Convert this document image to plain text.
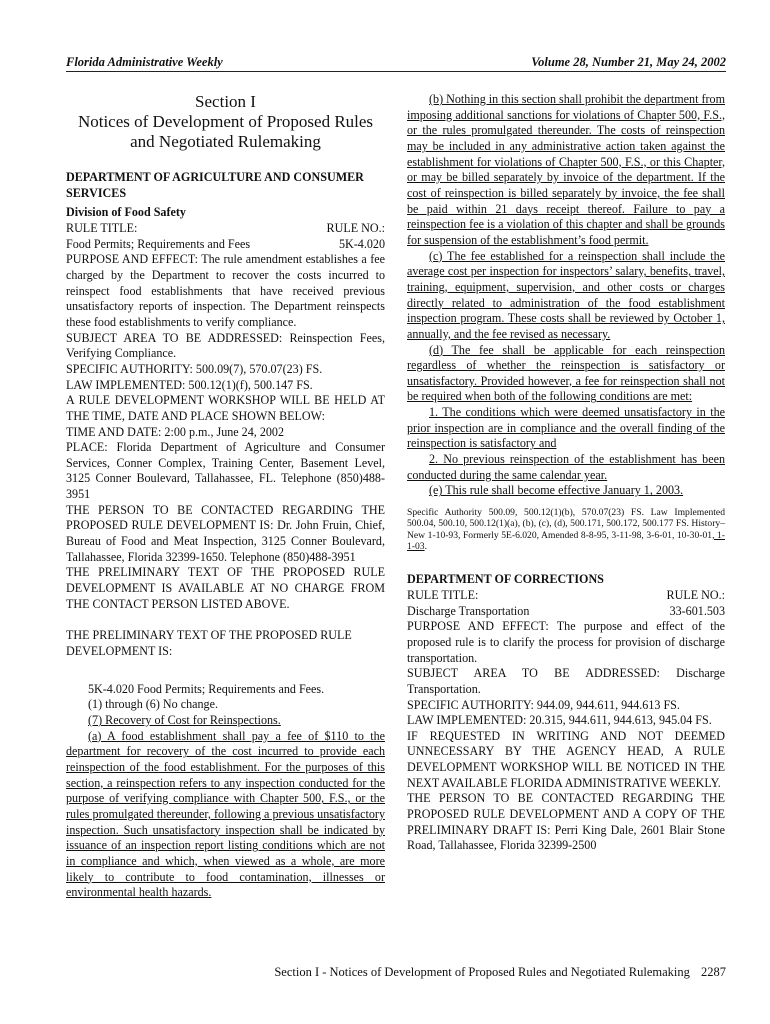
Florida Administrative Weekly	Volume 28, Number 21, May 24, 2002
Section I
Notices of Development of Proposed Rules
and Negotiated Rulemaking

DEPARTMENT OF AGRICULTURE AND CONSUMER SERVICES

Division of Food Safety

RULE TITLE:	RULE NO.:
Food Permits; Requirements and Fees	5K-4.020

PURPOSE AND EFFECT: The rule amendment establishes a fee charged by the Department to recover the costs incurred to reinspect food establishments that have received previous unsatisfactory reports of inspection. The Department reinspects these food establishments to verify compliance.

SUBJECT AREA TO BE ADDRESSED: Reinspection Fees, Verifying Compliance.

SPECIFIC AUTHORITY: 500.09(7), 570.07(23) FS.

LAW IMPLEMENTED: 500.12(1)(f), 500.147 FS.

A RULE DEVELOPMENT WORKSHOP WILL BE HELD AT THE TIME, DATE AND PLACE SHOWN BELOW:

TIME AND DATE: 2:00 p.m., June 24, 2002

PLACE: Florida Department of Agriculture and Consumer Services, Conner Complex, Training Center, Basement Level, 3125 Conner Boulevard, Tallahassee, FL. Telephone (850)488-3951

THE PERSON TO BE CONTACTED REGARDING THE PROPOSED RULE DEVELOPMENT IS: Dr. John Fruin, Chief, Bureau of Food and Meat Inspection, 3125 Conner Boulevard, Tallahassee, Florida 32399-1650. Telephone (850)488-3951

THE PRELIMINARY TEXT OF THE PROPOSED RULE DEVELOPMENT IS AVAILABLE AT NO CHARGE FROM THE CONTACT PERSON LISTED ABOVE.

THE PRELIMINARY TEXT OF THE PROPOSED RULE DEVELOPMENT IS:

5K-4.020 Food Permits; Requirements and Fees.

(1) through (6) No change.

(7) Recovery of Cost for Reinspections.

(a) A food establishment shall pay a fee of $110 to the department for recovery of the cost incurred to provide each reinspection of the food establishment. For the purposes of this section, a reinspection refers to any inspection conducted for the purpose of verifying compliance with Chapter 500, F.S., or the rules promulgated thereunder, following a previous unsatisfactory inspection. Such unsatisfactory inspection shall be indicated by issuance of an inspection report listing conditions which are not in compliance and which, when viewed as a whole, are more likely to contribute to food contamination, illnesses or environmental health hazards.

(b) Nothing in this section shall prohibit the department from imposing additional sanctions for violations of Chapter 500, F.S., or the rules promulgated thereunder. The costs of reinspection may be included in any administrative action taken against the establishment for violations of Chapter 500, F.S., or this Chapter, or may be billed separately by invoice of the department. If the cost of reinspection is billed separately by invoice, the fee shall be paid within 21 days receipt thereof. Failure to pay a reinspection fee is a violation of this chapter and shall be grounds for suspension of the establishment’s food permit.

(c) The fee established for a reinspection shall include the average cost per inspection for inspectors’ salary, benefits, travel, training, equipment, supervision, and other costs or charges directly related to administration of the food establishment inspection program. These costs shall be reviewed by October 1, annually, and the fee revised as necessary.

(d) The fee shall be applicable for each reinspection regardless of whether the reinspection is satisfactory or unsatisfactory. Provided however, a fee for reinspection shall not be required when both of the following conditions are met:

1. The conditions which were deemed unsatisfactory in the prior inspection are in compliance and the overall finding of the reinspection is satisfactory and

2. No previous reinspection of the establishment has been conducted during the same calendar year.

(e) This rule shall become effective January 1, 2003.

Specific Authority 500.09, 500.12(1)(b), 570.07(23) FS. Law Implemented 500.04, 500.10, 500.12(1)(a), (b), (c), (d), 500.171, 500.172, 500.177 FS. History–New 1-10-93, Formerly 5E-6.020, Amended 8-8-95, 3-11-98, 3-6-01, 10-30-01, 1-1-03.

DEPARTMENT OF CORRECTIONS

RULE TITLE:	RULE NO.:
Discharge Transportation	33-601.503

PURPOSE AND EFFECT: The purpose and effect of the proposed rule is to clarify the process for provision of discharge transportation.

SUBJECT AREA TO BE ADDRESSED: Discharge Transportation.

SPECIFIC AUTHORITY: 944.09, 944.611, 944.613 FS.

LAW IMPLEMENTED: 20.315, 944.611, 944.613, 945.04 FS.

IF REQUESTED IN WRITING AND NOT DEEMED UNNECESSARY BY THE AGENCY HEAD, A RULE DEVELOPMENT WORKSHOP WILL BE NOTICED IN THE NEXT AVAILABLE FLORIDA ADMINISTRATIVE WEEKLY.

THE PERSON TO BE CONTACTED REGARDING THE PROPOSED RULE DEVELOPMENT AND A COPY OF THE PRELIMINARY DRAFT IS: Perri King Dale, 2601 Blair Stone Road, Tallahassee, Florida 32399-2500

Section I - Notices of Development of Proposed Rules and Negotiated Rulemaking 2287
